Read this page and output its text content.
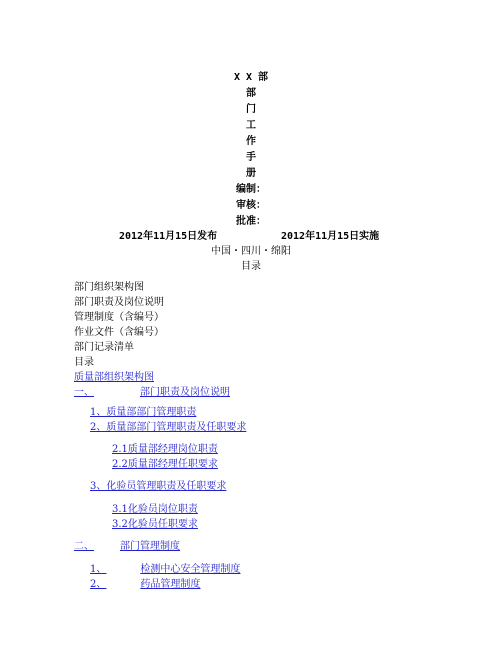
X X 部
部
门
工
作
手
册
编制：
审核：
批准：
2012年11月15日发布	2012年11月15日实施
中国・四川・绵阳
目录
部门组织架构图
部门职责及岗位说明
管理制度（含编号）
作业文件（含编号）
部门记录清单
目录
质量部组织架构图
一、	部门职责及岗位说明
1、质量部部门管理职责
2、质量部部门管理职责及任职要求
2.1质量部经理岗位职责
2.2质量部经理任职要求
3、化验员管理职责及任职要求
3.1化验员岗位职责
3.2化验员任职要求
二、	部门管理制度
1、	检测中心安全管理制度
2、	药品管理制度
